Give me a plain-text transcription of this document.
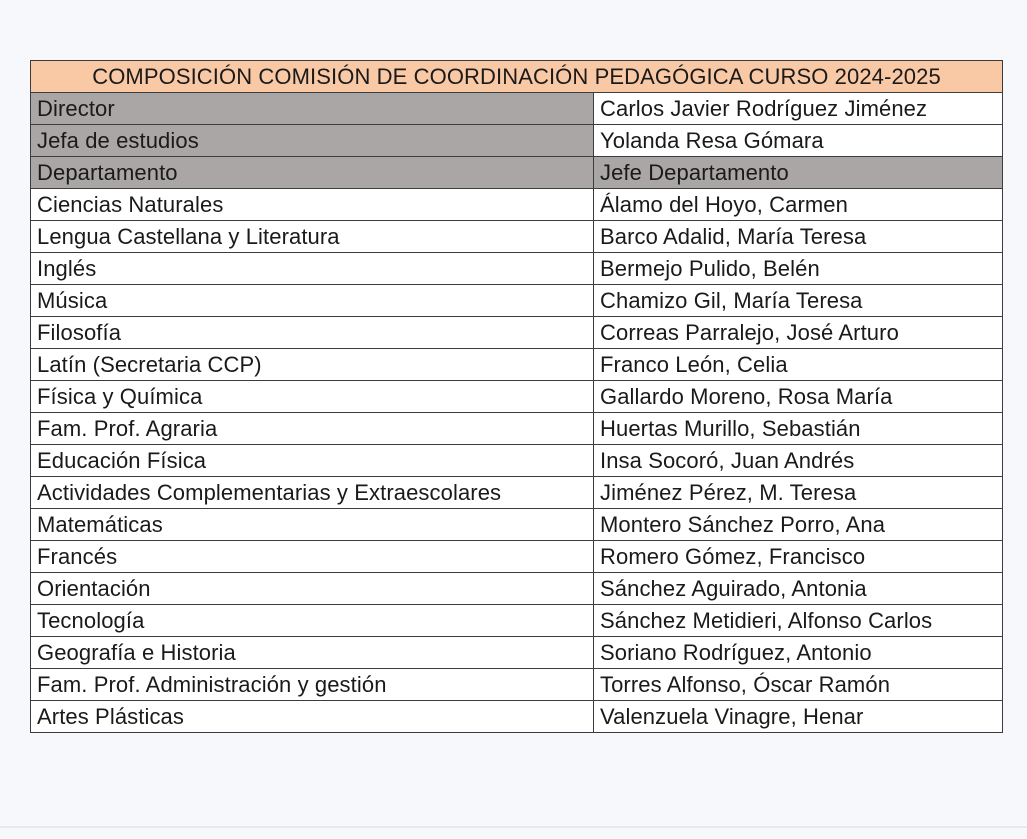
COMPOSICIÓN COMISIÓN DE COORDINACIÓN PEDAGÓGICA CURSO 2024-2025	
Director	Carlos Javier Rodríguez Jiménez
Jefa de estudios	Yolanda Resa Gómara
Departamento	Jefe Departamento
Ciencias Naturales	Álamo del Hoyo, Carmen
Lengua Castellana y Literatura	Barco Adalid, María Teresa
Inglés	Bermejo Pulido, Belén
Música	Chamizo Gil, María Teresa
Filosofía	Correas Parralejo, José Arturo
Latín (Secretaria CCP)	Franco León, Celia
Física y Química	Gallardo Moreno, Rosa María
Fam. Prof. Agraria	Huertas Murillo, Sebastián
Educación Física	Insa Socoró, Juan Andrés
Actividades Complementarias y Extraescolares	Jiménez Pérez, M. Teresa
Matemáticas	Montero Sánchez Porro, Ana
Francés	Romero Gómez, Francisco
Orientación	Sánchez Aguirado, Antonia
Tecnología	Sánchez Metidieri, Alfonso Carlos
Geografía e Historia	Soriano Rodríguez, Antonio
Fam. Prof. Administración y gestión	Torres Alfonso, Óscar Ramón
Artes Plásticas	Valenzuela Vinagre, Henar
